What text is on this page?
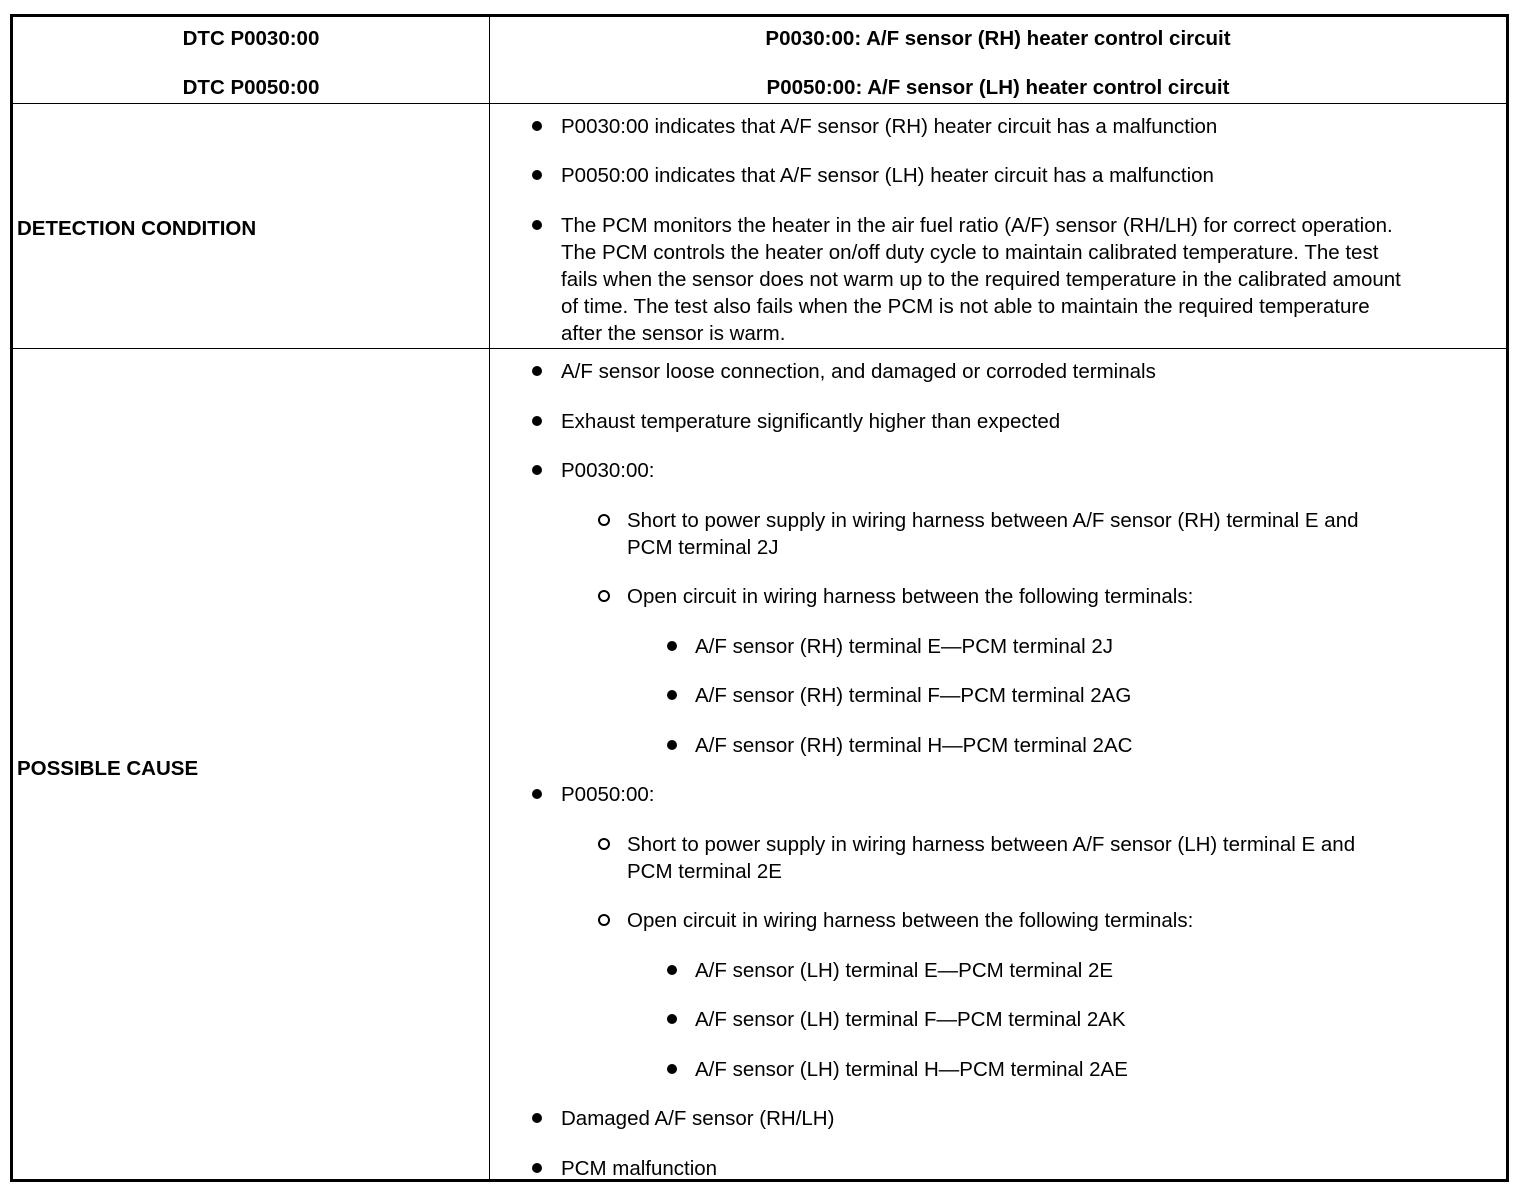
DTC P0030:00
DTC P0050:00
P0030:00: A/F sensor (RH) heater control circuit
P0050:00: A/F sensor (LH) heater control circuit
DETECTION CONDITION
P0030:00 indicates that A/F sensor (RH) heater circuit has a malfunction
P0050:00 indicates that A/F sensor (LH) heater circuit has a malfunction
The PCM monitors the heater in the air fuel ratio (A/F) sensor (RH/LH) for correct operation.
The PCM controls the heater on/off duty cycle to maintain calibrated temperature. The test
fails when the sensor does not warm up to the required temperature in the calibrated amount
of time. The test also fails when the PCM is not able to maintain the required temperature
after the sensor is warm.
POSSIBLE CAUSE
A/F sensor loose connection, and damaged or corroded terminals
Exhaust temperature significantly higher than expected
P0030:00:
Short to power supply in wiring harness between A/F sensor (RH) terminal E and
PCM terminal 2J
Open circuit in wiring harness between the following terminals:
A/F sensor (RH) terminal E—PCM terminal 2J
A/F sensor (RH) terminal F—PCM terminal 2AG
A/F sensor (RH) terminal H—PCM terminal 2AC
P0050:00:
Short to power supply in wiring harness between A/F sensor (LH) terminal E and
PCM terminal 2E
Open circuit in wiring harness between the following terminals:
A/F sensor (LH) terminal E—PCM terminal 2E
A/F sensor (LH) terminal F—PCM terminal 2AK
A/F sensor (LH) terminal H—PCM terminal 2AE
Damaged A/F sensor (RH/LH)
PCM malfunction
